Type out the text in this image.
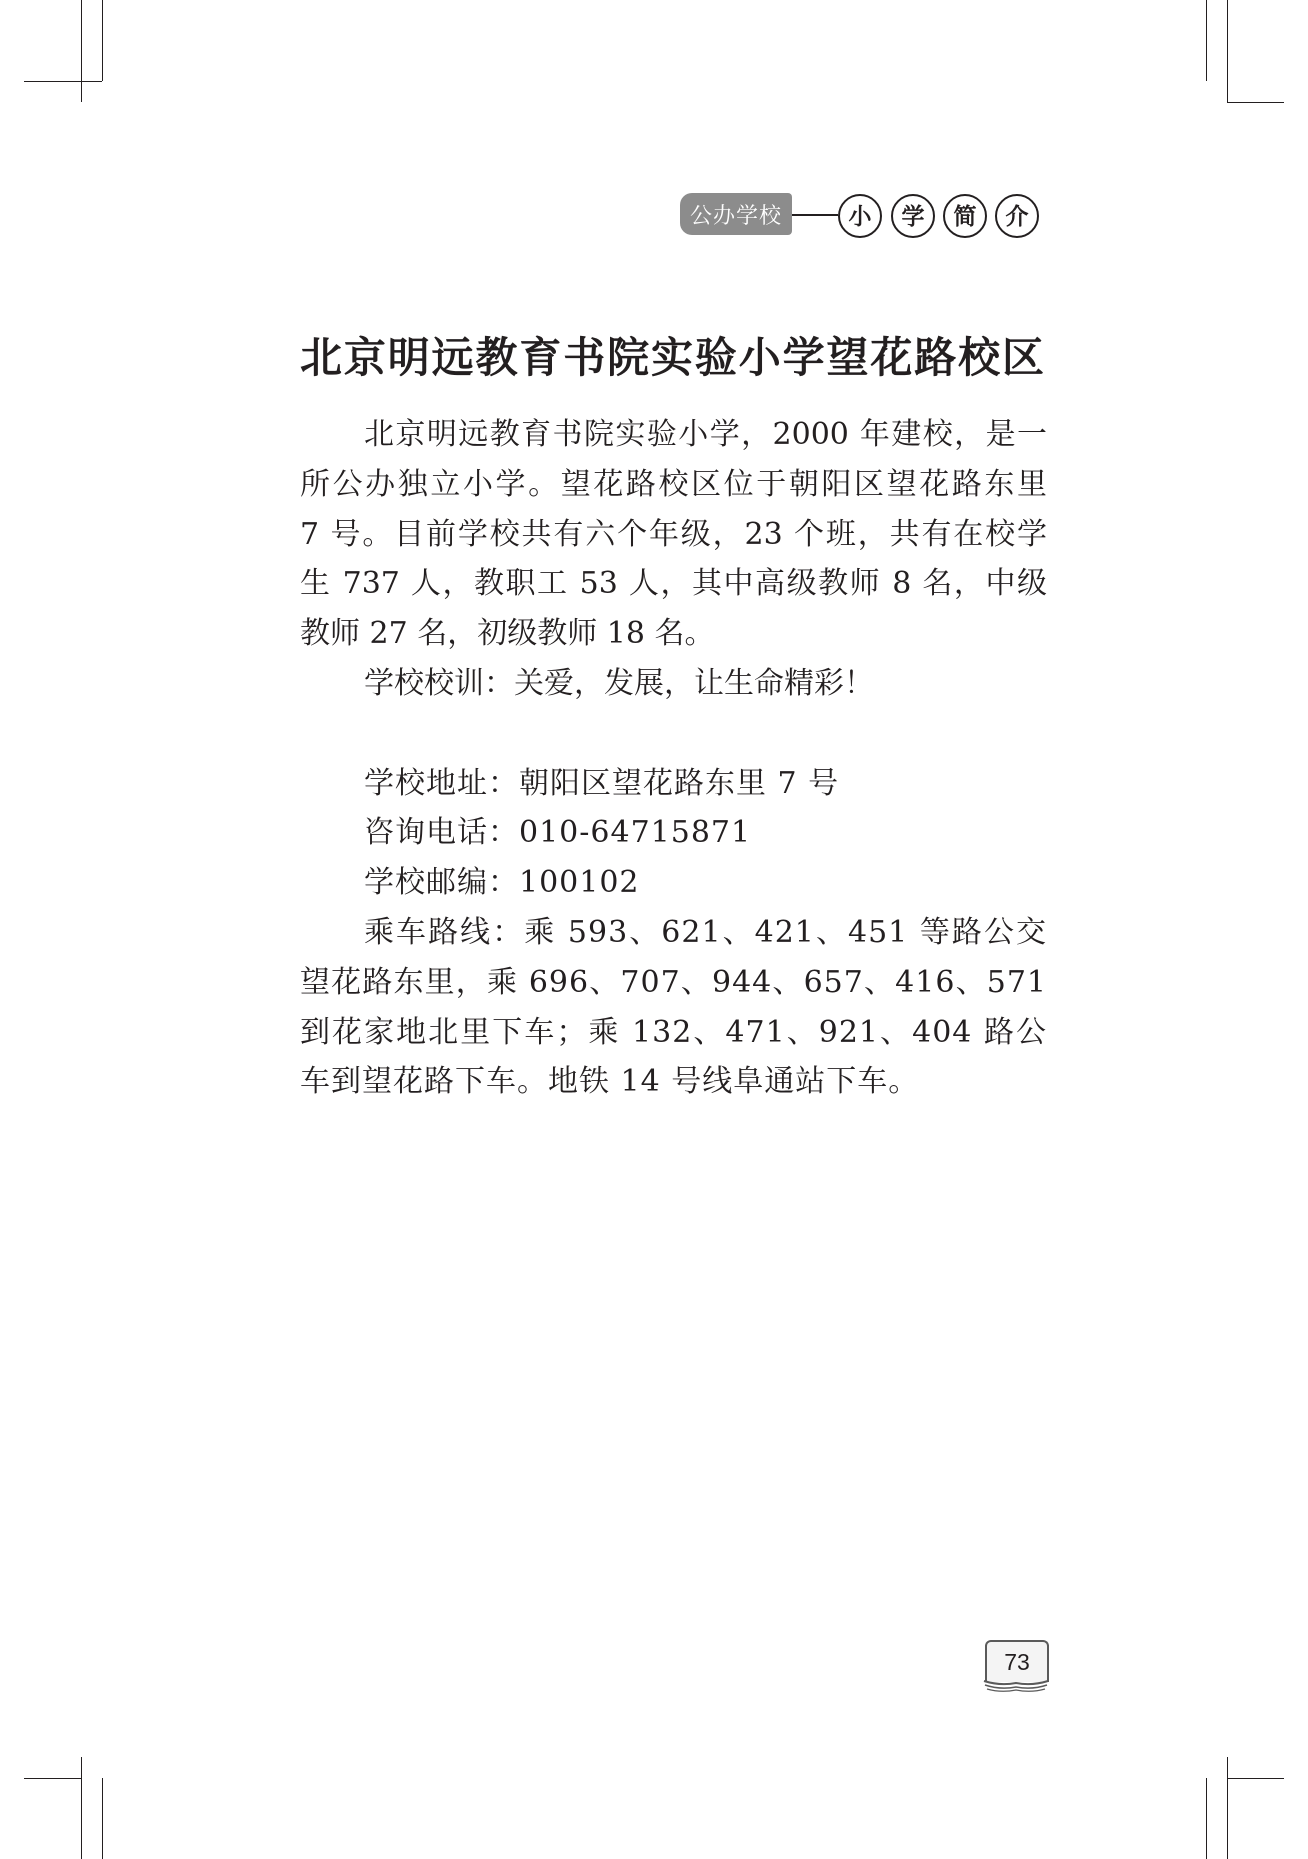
公办学校	小	学	简	介
北京明远教育书院实验小学望花路校区
北京明远教育书院实验小学，2000 年建校，是一
所公办独立小学。望花路校区位于朝阳区望花路东里
7 号。目前学校共有六个年级，23 个班，共有在校学
生 737 人，教职工 53 人，其中高级教师 8 名，中级
教师 27 名，初级教师 18 名。
学校校训：关爱，发展，让生命精彩！
学校地址：朝阳区望花路东里 7 号
咨询电话：010-64715871
学校邮编：100102
乘车路线：乘 593、621、421、451 等路公交
望花路东里，乘 696、707、944、657、416、571
到花家地北里下车；乘 132、471、921、404 路公
车到望花路下车。地铁 14 号线阜通站下车。
73
